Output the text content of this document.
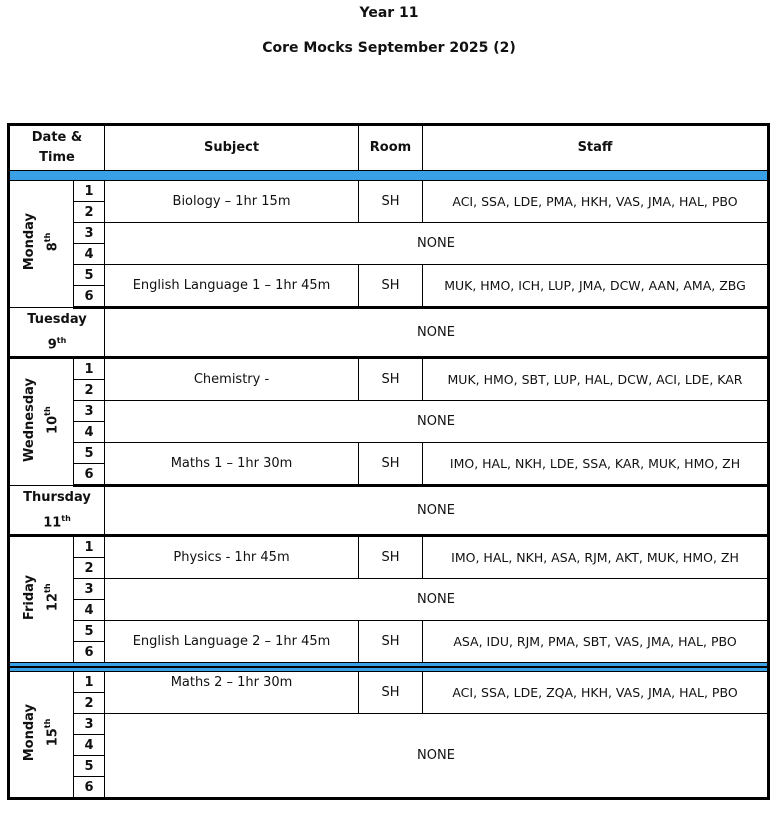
Year 11
Core Mocks September 2025 (2)
Date & Time		Subject	Room	Staff

Monday 8th	1	Biology – 1hr 15m	SH	ACI, SSA, LDE, PMA, HKH, VAS, JMA, HAL, PBO
	2			
	3	NONE		
	4			
	5	English Language 1 – 1hr 45m	SH	MUK, HMO, ICH, LUP, JMA, DCW, AAN, AMA, ZBG
	6			
Tuesday
9th		NONE		
Wednesday 10th	1	Chemistry -	SH	MUK, HMO, SBT, LUP, HAL, DCW, ACI, LDE, KAR
	2			
	3	NONE		
	4			
	5	Maths 1 – 1hr 30m	SH	IMO, HAL, NKH, LDE, SSA, KAR, MUK, HMO, ZH
	6			
Thursday
11th		NONE		
Friday 12th	1	Physics - 1hr 45m	SH	IMO, HAL, NKH, ASA, RJM, AKT, MUK, HMO, ZH
	2			
	3	NONE		
	4			
	5	English Language 2 – 1hr 45m	SH	ASA, IDU, RJM, PMA, SBT, VAS, JMA, HAL, PBO
	6			

Monday 15th	1	Maths 2 – 1hr 30m	SH	ACI, SSA, LDE, ZQA, HKH, VAS, JMA, HAL, PBO
	2			
	3	NONE		
	4			
	5			
	6			
